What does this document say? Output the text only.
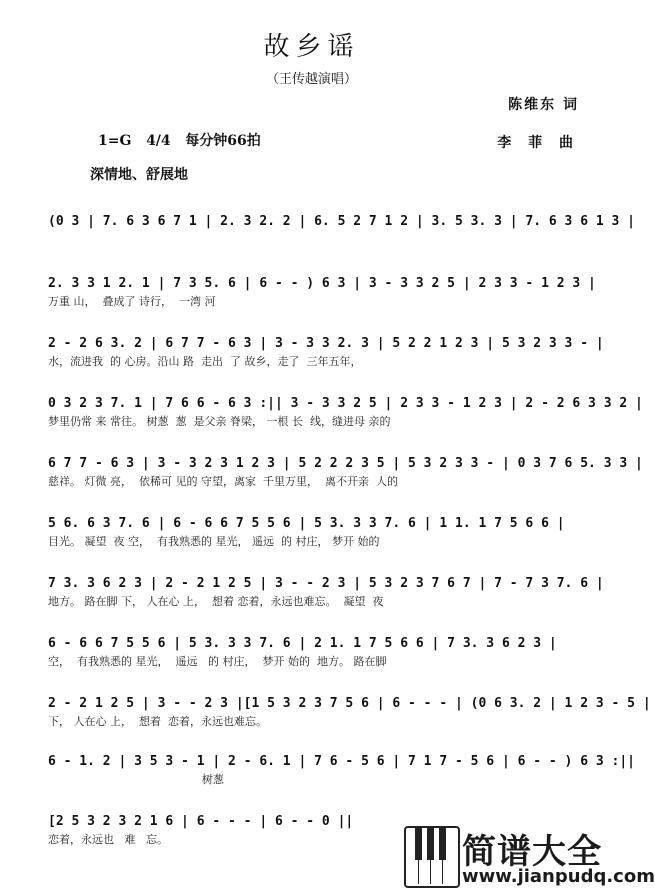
故乡谣
（王传越演唱）
陈维东 词
李 菲 曲
1=G 4/4 每分钟66拍
深情地、舒展地
(0 3 | 7. 6 3 6 7 1 | 2. 3 2. 2 | 6. 5 2 7 1 2 | 3. 5 3. 3 | 7. 6 3 6 1 3 |
2. 3 3 1 2. 1 | 7 3 5. 6 | 6 - - ) 6 3 | 3 - 3 3 2 5 | 2 3 3 - 1 2 3 |
万重 山，  叠成了 诗行，  一湾 河
2 - 2 6 3. 2 | 6 7 7 - 6 3 | 3 - 3 3 2. 3 | 5 2 2 1 2 3 | 5 3 2 3 3 - |
水，流进我  的 心房。沿山 路  走出  了 故乡，走了  三年五年，
0 3 2 3 7. 1 | 7 6 6 - 6 3 :|| 3 - 3 3 2 5 | 2 3 3 - 1 2 3 | 2 - 2 6 3 3 2 |
梦里仍常 来 常往。 树葱  葱  是父亲 脊梁， 一根 长  线，缝进母 亲的
6 7 7 - 6 3 | 3 - 3 2 3 1 2 3 | 5 2 2 2 3 5 | 5 3 2 3 3 - | 0 3 7 6 5. 3 3 |
慈祥。 灯微 亮，  依稀可 见的 守望，离家  千里万里，  离不开亲  人的
5 6. 6 3 7. 6 | 6 - 6 6 7 5 5 6 | 5 3. 3 3 7. 6 | 1 1. 1 7 5 6 6 |
目光。 凝望  夜 空，  有我熟悉的 星光， 遥远  的 村庄， 梦开 始的
7 3. 3 6 2 3 | 2 - 2 1 2 5 | 3 - - 2 3 | 5 3 2 3 7 6 7 | 7 - 7 3 7. 6 |
地方。 路在脚 下， 人在心 上，  想着 恋着，永远也难忘。  凝望  夜
6 - 6 6 7 5 5 6 | 5 3. 3 3 7. 6 | 2 1. 1 7 5 6 6 | 7 3. 3 6 2 3 |
空，  有我熟悉的 星光，  遥远   的 村庄，  梦开 始的  地方。 路在脚
2 - 2 1 2 5 | 3 - - 2 3 |[1 5 3 2 3 7 5 6 | 6 - - - | (0 6 3. 2 | 1 2 3 - 5 |
下， 人在心 上，  想着  恋着，永远也难忘。
6 - 1. 2 | 3 5 3 - 1 | 2 - 6. 1 | 7 6 - 5 6 | 7 1 7 - 5 6 | 6 - - ) 6 3 :||
树葱
[2 5 3 2 3 2 1 6 | 6 - - - | 6 - - 0 ||
恋着，永远也   难   忘。	简谱大全
www.jianpudq.com
